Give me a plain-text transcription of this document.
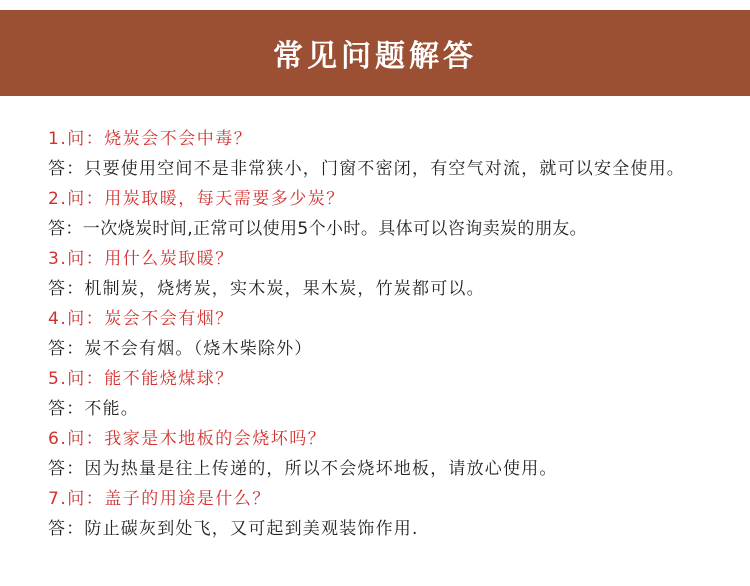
常见问题解答
1.问：烧炭会不会中毒？
答：只要使用空间不是非常狭小，门窗不密闭，有空气对流，就可以安全使用。
2.问：用炭取暖，每天需要多少炭？
答：一次烧炭时间,正常可以使用5个小时。具体可以咨询卖炭的朋友。
3.问：用什么炭取暖？
答：机制炭，烧烤炭，实木炭，果木炭，竹炭都可以。
4.问：炭会不会有烟？
答：炭不会有烟。（烧木柴除外）
5.问：能不能烧煤球？
答：不能。
6.问：我家是木地板的会烧坏吗？
答：因为热量是往上传递的，所以不会烧坏地板，请放心使用。
7.问：盖子的用途是什么？
答：防止碳灰到处飞，又可起到美观装饰作用.
